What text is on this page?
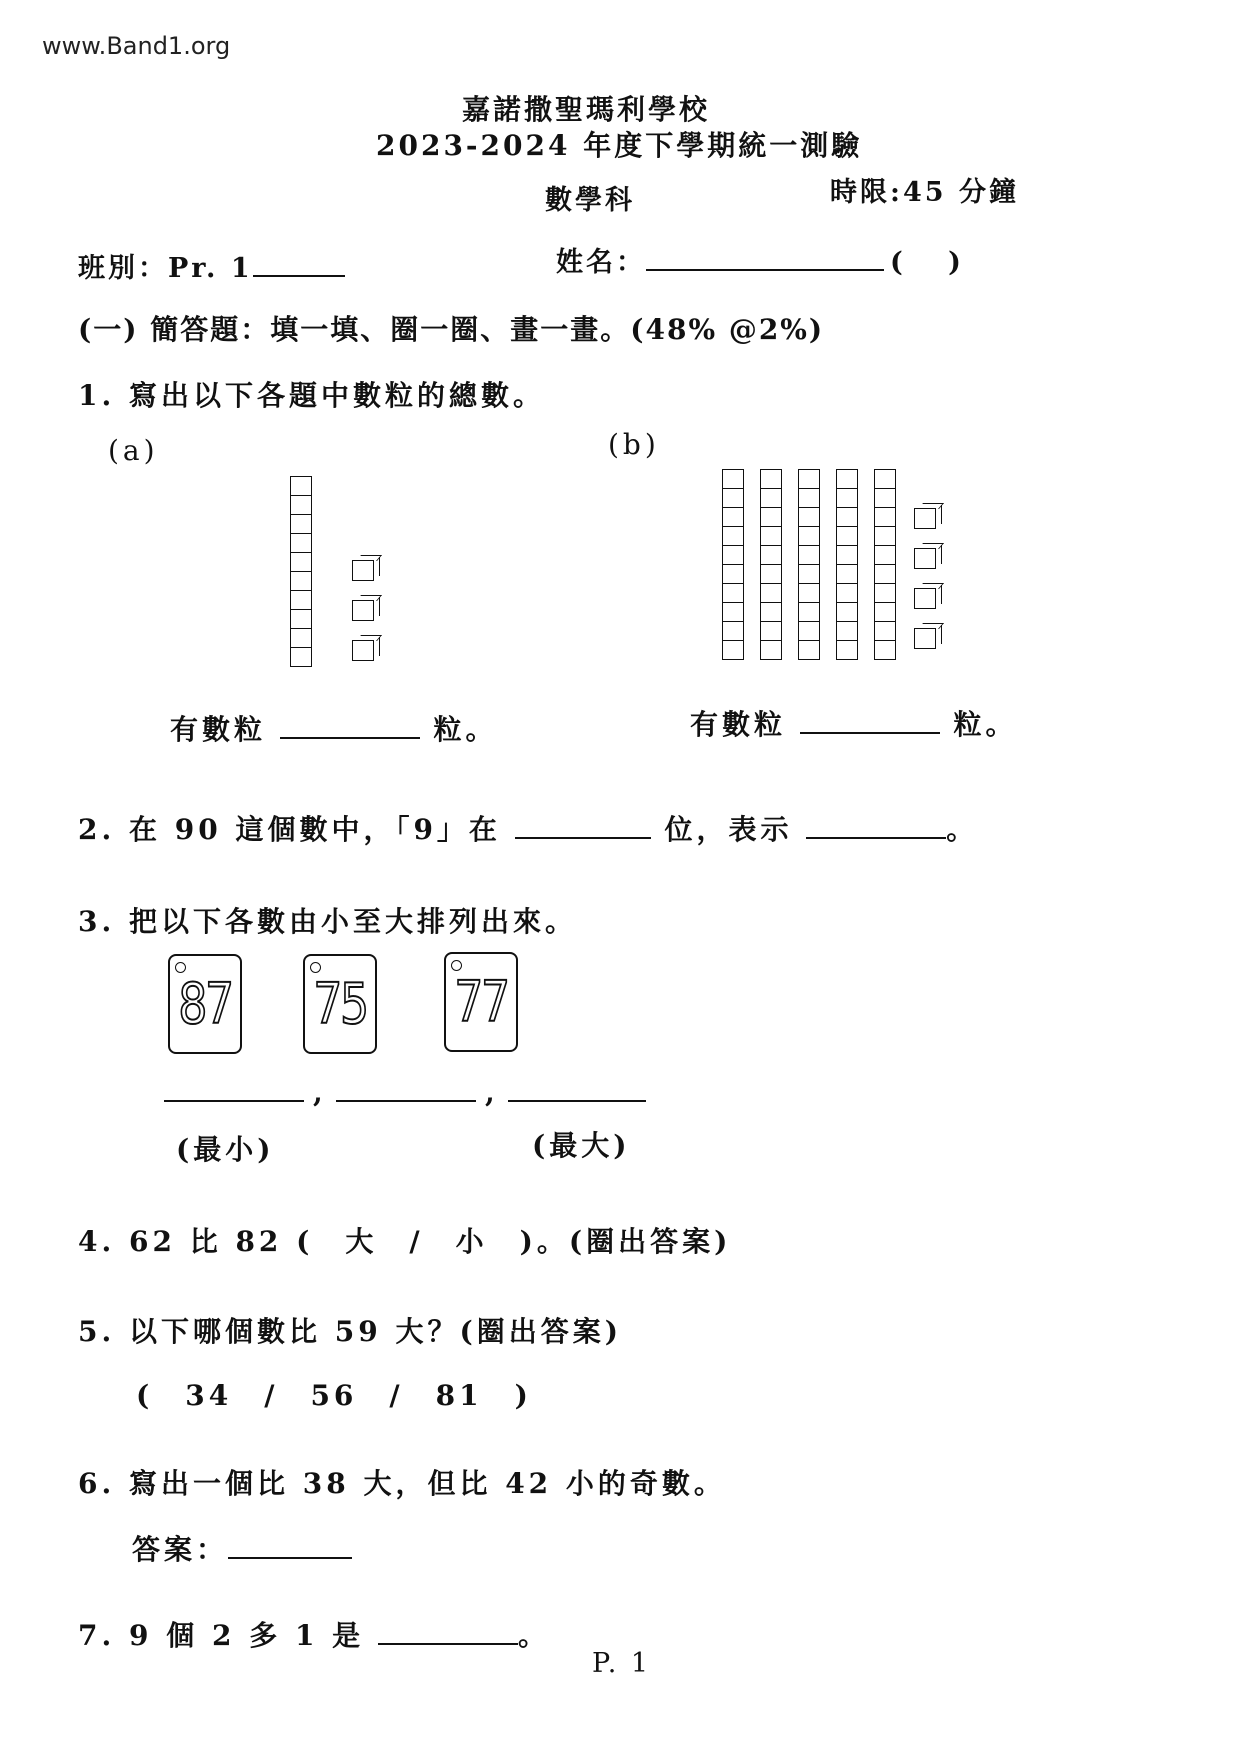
www.Band1.org
嘉諾撒聖瑪利學校
2023-2024 年度下學期統一測驗
數學科	時限:45 分鐘
班別：Pr. 1	姓名：	(　 )
(一) 簡答題：填一填、圈一圈、畫一畫。(48% @2%)
1. 寫出以下各題中數粒的總數。
(a)	(b)
有數粒	粒。	有數粒	粒。
2. 在 90 這個數中，「9」在	位，表示	。
3. 把以下各數由小至大排列出來。
87 75 77
,	,
(最小)	(最大)
4. 62 比 82 (　大　/　小　)。(圈出答案)
5. 以下哪個數比 59 大？(圈出答案)
(　34　/　56　/　81　)
6. 寫出一個比 38 大，但比 42 小的奇數。
答案：
7. 9 個 2 多 1 是	。
P. 1
